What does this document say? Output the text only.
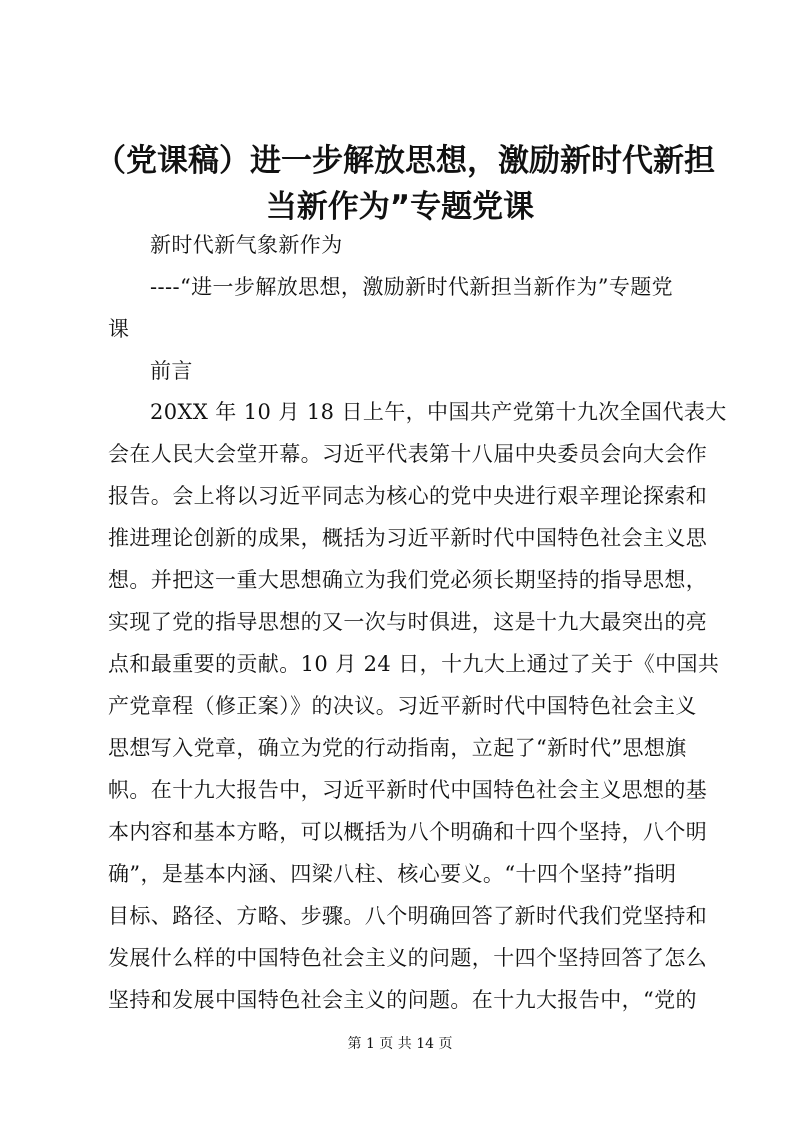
（党课稿）进一步解放思想，激励新时代新担
当新作为”专题党课
新时代新气象新作为
----“进一步解放思想，激励新时代新担当新作为”专题党
课
前言
20XX 年 10 月 18 日上午，中国共产党第十九次全国代表大
会在人民大会堂开幕。习近平代表第十八届中央委员会向大会作
报告。会上将以习近平同志为核心的党中央进行艰辛理论探索和
推进理论创新的成果，概括为习近平新时代中国特色社会主义思
想。并把这一重大思想确立为我们党必须长期坚持的指导思想，
实现了党的指导思想的又一次与时俱进，这是十九大最突出的亮
点和最重要的贡献。10 月 24 日，十九大上通过了关于《中国共
产党章程（修正案）》的决议。习近平新时代中国特色社会主义
思想写入党章，确立为党的行动指南，立起了“新时代”思想旗
帜。在十九大报告中，习近平新时代中国特色社会主义思想的基
本内容和基本方略，可以概括为八个明确和十四个坚持，八个明
确”，是基本内涵、四梁八柱、核心要义。“十四个坚持”指明
目标、路径、方略、步骤。八个明确回答了新时代我们党坚持和
发展什么样的中国特色社会主义的问题，十四个坚持回答了怎么
坚持和发展中国特色社会主义的问题。在十九大报告中，“党的
第 1 页 共 14 页
